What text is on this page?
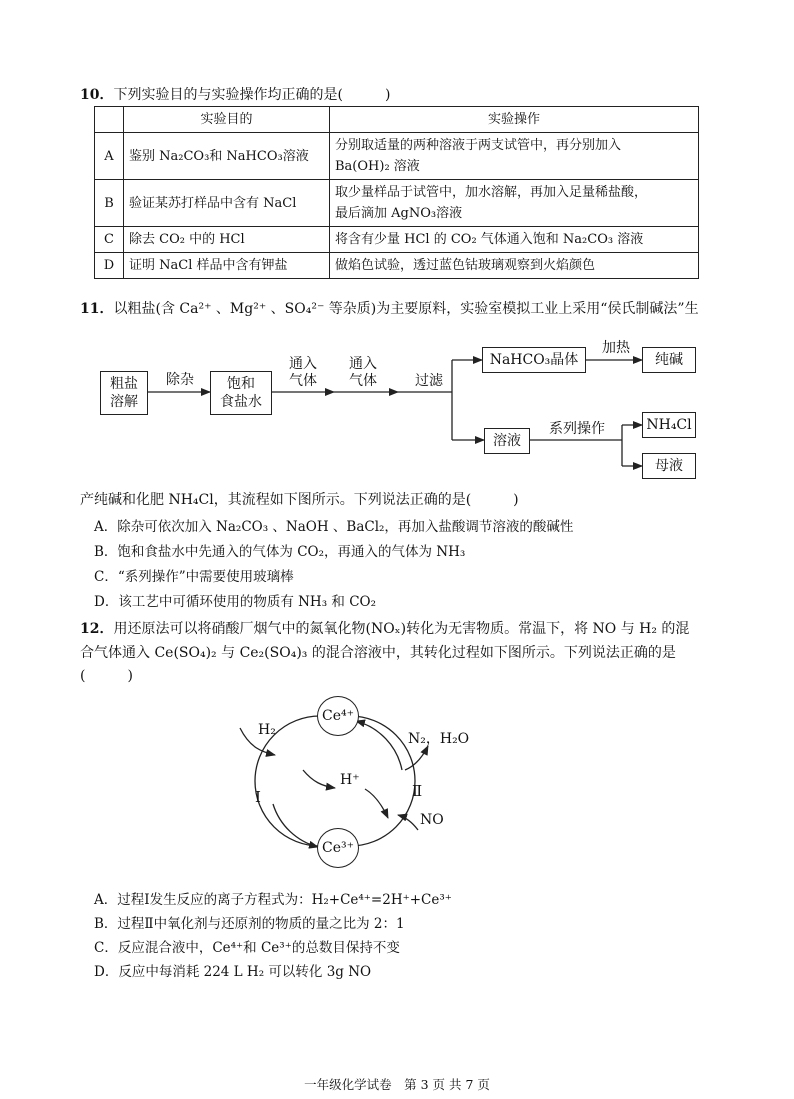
10．下列实验目的与实验操作均正确的是(　　　)
	实验目的	实验操作
A	鉴别 Na₂CO₃和 NaHCO₃溶液	分别取适量的两种溶液于两支试管中，再分别加入
Ba(OH)₂ 溶液

B	验证某苏打样品中含有 NaCl	取少量样品于试管中，加水溶解，再加入足量稀盐酸，
最后滴加 AgNO₃溶液

C	除去 CO₂ 中的 HCl	将含有少量 HCl 的 CO₂ 气体通入饱和 Na₂CO₃ 溶液
D	证明 NaCl 样品中含有钾盐	做焰色试验，透过蓝色钴玻璃观察到火焰颜色
11．以粗盐(含 Ca²⁺ 、Mg²⁺ 、SO₄²⁻ 等杂质)为主要原料，实验室模拟工业上采用“侯氏制碱法”生
粗盐
溶解
除杂	饱和
食盐水
通入
气体
通入
气体	过滤
NaHCO₃晶体
加热
纯碱
溶液
系列操作	NH₄Cl
母液
产纯碱和化肥 NH₄Cl，其流程如下图所示。下列说法正确的是(　　　)
A．除杂可依次加入 Na₂CO₃ 、NaOH 、BaCl₂，再加入盐酸调节溶液的酸碱性
B．饱和食盐水中先通入的气体为 CO₂，再通入的气体为 NH₃
C．“系列操作”中需要使用玻璃棒
D．该工艺中可循环使用的物质有 NH₃ 和 CO₂
12．用还原法可以将硝酸厂烟气中的氮氧化物(NOₓ)转化为无害物质。常温下，将 NO 与 H₂ 的混
合气体通入 Ce(SO₄)₂ 与 Ce₂(SO₄)₃ 的混合溶液中，其转化过程如下图所示。下列说法正确的是
(　　　)
Ce⁴⁺
Ce³⁺
H₂
H⁺
N₂，H₂O
NO
Ⅰ	Ⅱ
A．过程Ⅰ发生反应的离子方程式为：H₂+Ce⁴⁺=2H⁺+Ce³⁺
B．过程Ⅱ中氧化剂与还原剂的物质的量之比为 2：1
C．反应混合液中，Ce⁴⁺和 Ce³⁺的总数目保持不变
D．反应中每消耗 224 L H₂ 可以转化 3g NO
一年级化学试卷　第 3 页 共 7 页
